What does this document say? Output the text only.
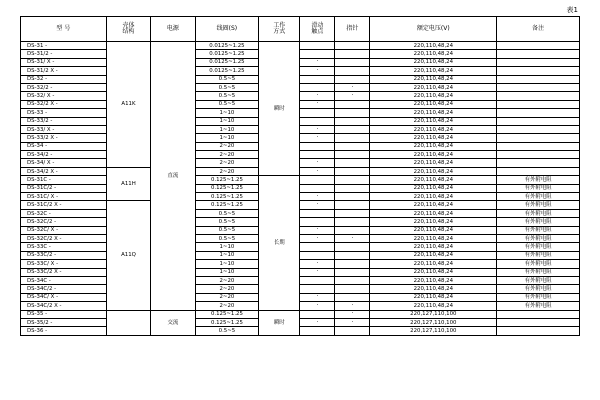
表1
型 号	壳体
结构	电源	线圈(S)	工作
方式	滑动
触点	指针	额定电压(V)	备注
DS-31 -	A11K	直流	0.0125~1.25	瞬时			220,110,48,24	
DS-31/2 -			0.0125~1.25				220,110,48,24	
DS-31/ X -			0.0125~1.25		·		220,110,48,24	
DS-31/2 X -			0.0125~1.25		·		220,110,48,24	
DS-32 -			0.5~5				220,110,48,24	
DS-32/2 -			0.5~5			·	220,110,48,24	
DS-32/ X -			0.5~5		·	·	220,110,48,24	
DS-32/2 X -			0.5~5		·		220,110,48,24	
DS-33 -			1~10				220,110,48,24	
DS-33/2 -			1~10				220,110,48,24	
DS-33/ X -			1~10		·		220,110,48,24	
DS-33/2 X -			1~10		·		220,110,48,24	
DS-34 -			2~20				220,110,48,24	
DS-34/2 -			2~20				220,110,48,24	
DS-34/ X -			2~20		·		220,110,48,24	
DS-34/2 X -	A11H		2~20		·		220,110,48,24	
DS-31C -			0.125~1.25	长期			220,110,48,24	有外附电阻
DS-31C/2 -			0.125~1.25				220,110,48,24	有外附电阻
DS-31C/ X -			0.125~1.25		·		220,110,48,24	有外附电阻
DS-31C/2 X -	A11Q		0.125~1.25		·		220,110,48,24	有外附电阻
DS-32C -			0.5~5				220,110,48,24	有外附电阻
DS-32C/2 -			0.5~5				220,110,48,24	有外附电阻
DS-32C/ X -			0.5~5		·		220,110,48,24	有外附电阻
DS-32C/2 X -			0.5~5		·	·	220,110,48,24	有外附电阻
DS-33C -			1~10				220,110,48,24	有外附电阻
DS-33C/2 -			1~10				220,110,48,24	有外附电阻
DS-33C/ X -			1~10		·		220,110,48,24	有外附电阻
DS-33C/2 X -			1~10		·		220,110,48,24	有外附电阻
DS-34C -			2~20				220,110,48,24	有外附电阻
DS-34C/2 -			2~20				220,110,48,24	有外附电阻
DS-34C/ X -			2~20		·		220,110,48,24	有外附电阻
DS-34C/2 X -			2~20		·	·	220,110,48,24	有外附电阻
DS-35 -		交流	0.125~1.25	瞬时		·	220,127,110,100	
DS-35/2 -			0.125~1.25		·	·	220,127,110,100	
DS-36 -			0.5~5				220,127,110,100	
